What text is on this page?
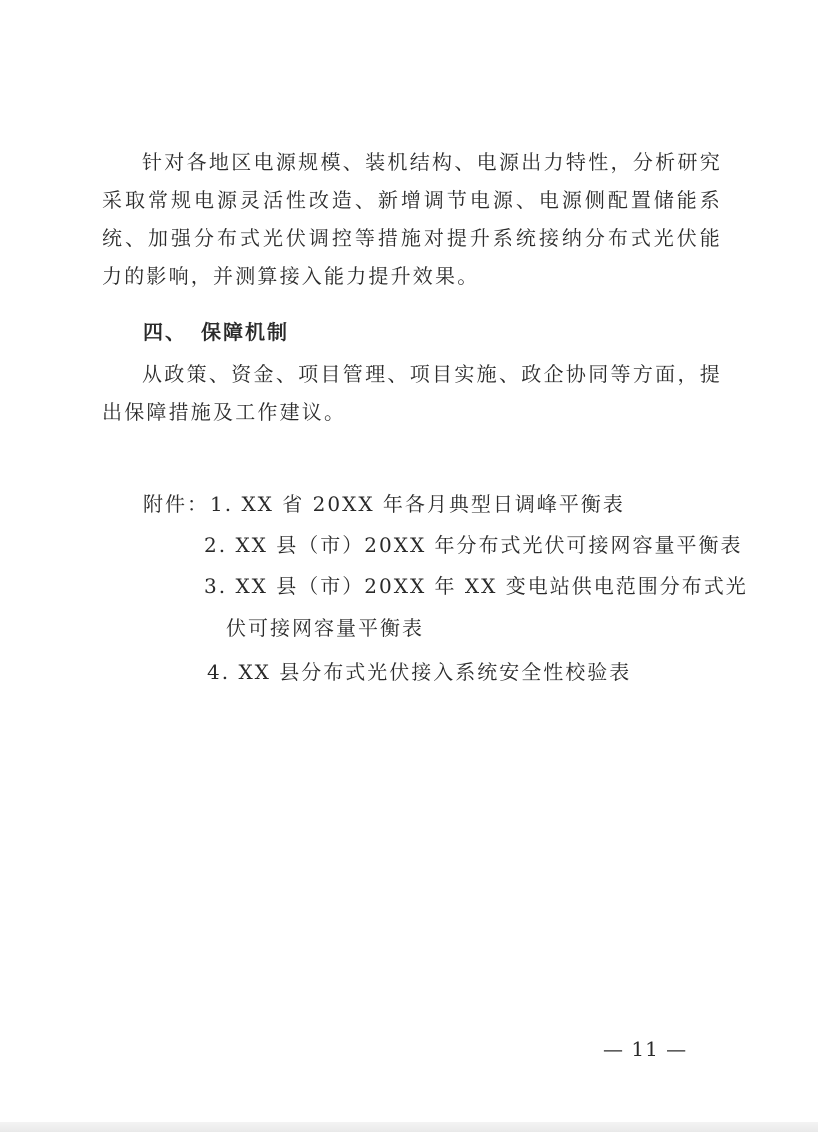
针对各地区电源规模、装机结构、电源出力特性，分析研究采取常规电源灵活性改造、新增调节电源、电源侧配置储能系统、加强分布式光伏调控等措施对提升系统接纳分布式光伏能力的影响，并测算接入能力提升效果。

四、 保障机制

从政策、资金、项目管理、项目实施、政企协同等方面，提出保障措施及工作建议。

附件： 1. XX 省 20XX 年各月典型日调峰平衡表
2. XX 县（市）20XX 年分布式光伏可接网容量平衡表
3. XX 县（市）20XX 年 XX 变电站供电范围分布式光
伏可接网容量平衡表
4. XX 县分布式光伏接入系统安全性校验表
— 11 —
